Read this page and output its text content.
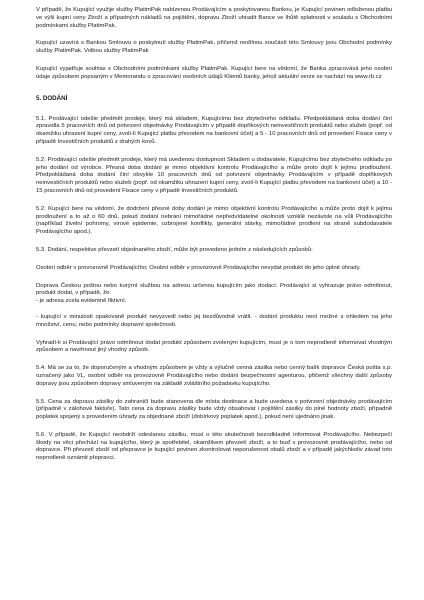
V případě, že Kupující využije služby PlatimPak nabízenou Prodávajícím a poskytovanou Bankou, je Kupující povinen odloženou platbu ve výši kupní ceny Zboží a případných nákladů na pojištění, dopravu Zboží uhradit Bance ve lhůtě splatnosti v souladu s Obchodními podmínkami služby PlatimPak.

Kupující uzavírá s Bankou Smlouvu o poskytnutí služby PlatimPak, přičemž nedílnou součástí této Smlouvy jsou Obchodní podmínky služby PlatimPak. Volbou služby PlatimPak

Kupující vyjadřuje souhlas s Obchodními podmínkami služby PlatimPak. Kupující bere na vědomí, že Banka zpracovává jeho osobní údaje způsobem popsaným v Memorandu o zpracování osobních údajů Klientů banky, jehož aktuální verze se nachází na www.rb.cz

5. DODÁNÍ

5.1. Prodávající odešle předmět prodeje, který má skladem, Kupujícímu bez zbytečného odkladu. Předpokládaná doba dodání činí zpravidla 5 pracovních dnů od potvrzení objednávky Prodávajícím v případě dopřikových neinvestičních produktů nebo služeb (popř. od okamžiku uhrazení kupní ceny, zvolí-li Kupující platbu převodem na bankovní účet) a 5 - 10 pracovních dnů od provedení Fixace ceny v případě Investičních produktů z drahých kovů.

5.2. Prodávající odešle předmět prodeje, který má uvedenou dostupnost Skladem u dodavatele, Kupujícímu bez zbytečného odkladu po jeho dodání od výrobce. Přesná doba dodání je mimo objektivní kontrolu Prodávajícího a může proto dojít k jejímu prodloužení. Předpokládaná doba dodání činí obvykle 10 pracovních dnů od potvrzení objednávky Prodávajícím v případě doplňkových neinvestičních produktů nebo služeb (popř. od okamžiku uhrazení kupní ceny, zvolí-li Kupující platbu převodem na bankovní účet) a 10 - 15 pracovních dnů od provedení Fixace ceny v případě Investičních produktů.

5.2. Kupující bere na vědomí, že dodržení přesné doby dodání je mimo objektivní kontrolu Prodávajícího a může proto dojít k jejímu prodloužení a to až o 60 dnů, pokud dodání nebrání mimořádné nepředvídatelné okolnosti vzniklé nezávisle na vůli Prodávajícího (například živelní pohromy, virové epidemie, ozbrojené konflikty, generální stávky, mimořádné prodlení na straně subdodavatele Prodávajícího apod.).

5.3. Dodání, respektive převzetí objednaného zboží, může být provedeno jedním z následujících způsobů:

Osobní odběr v provozovně Prodávajícího; Osobní odběr v provozovně Prodávajícího nevydat produkt do jeho úplné úhrady.

Doprava Českou poštou nebo kurýrní službou na adresu určenou kupujícím jako dodací. Prodávající si vyhrazuje právo odmítnout, produkt dodat, v případě, že:

- je adresa zcela evidentně fiktivní.

- kupující v minulosti opakovaně produkt nevyzvedl nebo jej bezdůvodně vrátil. - dodání produktu není možné s ohledem na jeho množství, cenu, nebo podmínky dopravní společnosti.

Vyhradí-li si Prodávající právo odmítnout dodat produkt způsobem zvoleným kupujícím, musí je o tom neprodleně informovat vhodným způsobem a navrhnout jiný vhodný způsob.

5.4. Má se za to, že doporučeným a vhodným způsobem je vždy a výlučně cenná zásilka nebo cenný balík dopravce Česká pošta s.p. označený jako VL, osobní odběr na provozovně Prodávajícího nebo dodání bezpečnostní agenturou, přičemž všechny další způsoby dopravy jsou způsobem dopravy smluveným na základě zvláštního požadavku kupujícího.

5.5. Cena za dopravu zásilky do zahraničí bude stanovena dle místa destinace a bude uvedena v potvrzení objednávky prodávajícím (případně v zálohové faktuře). Tato cena za dopravu zásilky bude vždy obsahovat i pojištění zásilky do plné hodnoty zboží, případně poplatek spojený s provedením úhrady za objednané zboží (dobírkový poplatek apod.), pokud není ujednáno jinak.

5.6. V případě, že Kupující neobdrží odeslanou zásilku, musí o této skutečnosti bezodkladně informovat Prodávajícího. Nebezpečí škody na věci přechází na kupujícího, který je spotřebitel, okamžikem převzetí zboží, a to buď v provozovně prodávajícího, nebo od dopravce. Při převzetí zboží od přepravce je kupující povinen zkontrolovat neporušenost obalů zboží a v případě jakýchkoliv závad toto neprodleně oznámit přepravci.
